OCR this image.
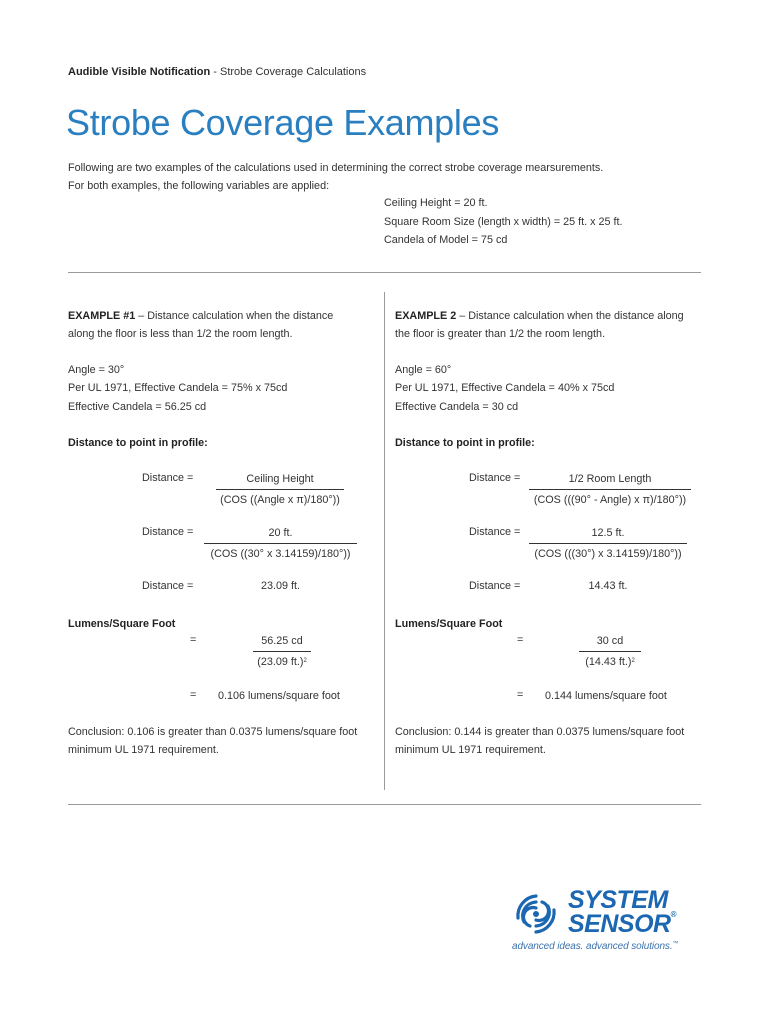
Audible Visible Notification - Strobe Coverage Calculations
Strobe Coverage Examples
Following are two examples of the calculations used in determining the correct strobe coverage mearsurements.
For both examples, the following variables are applied:
Ceiling Height = 20 ft.
Square Room Size (length x width) = 25 ft. x 25 ft.
Candela of Model = 75 cd
EXAMPLE #1 – Distance calculation when the distance
along the floor is less than 1/2 the room length.
Angle = 30°
Per UL 1971, Effective Candela = 75% x 75cd
Effective Candela = 56.25 cd
Distance to point in profile:
Distance =	Ceiling Height
(COS ((Angle x π)/180°))
Distance =	20 ft.
(COS ((30° x 3.14159)/180°))
Distance =	23.09 ft.
Lumens/Square Foot
=	56.25 cd
(23.09 ft.)$^2$
= 0.106 lumens/square foot
Conclusion: 0.106 is greater than 0.0375 lumens/square foot
minimum UL 1971 requirement.
EXAMPLE 2 – Distance calculation when the distance along
the floor is greater than 1/2 the room length.
Angle = 60°
Per UL 1971, Effective Candela = 40% x 75cd
Effective Candela = 30 cd
Distance to point in profile:
Distance =	1/2 Room Length
(COS (((90° - Angle) x π)/180°))
Distance =	12.5 ft.
(COS (((30°) x 3.14159)/180°))
Distance =	14.43 ft.
Lumens/Square Foot
=	30 cd
(14.43 ft.)$^2$
= 0.144 lumens/square foot
Conclusion: 0.144 is greater than 0.0375 lumens/square foot
minimum UL 1971 requirement.
SYSTEM
SENSOR®
advanced ideas. advanced solutions.™
